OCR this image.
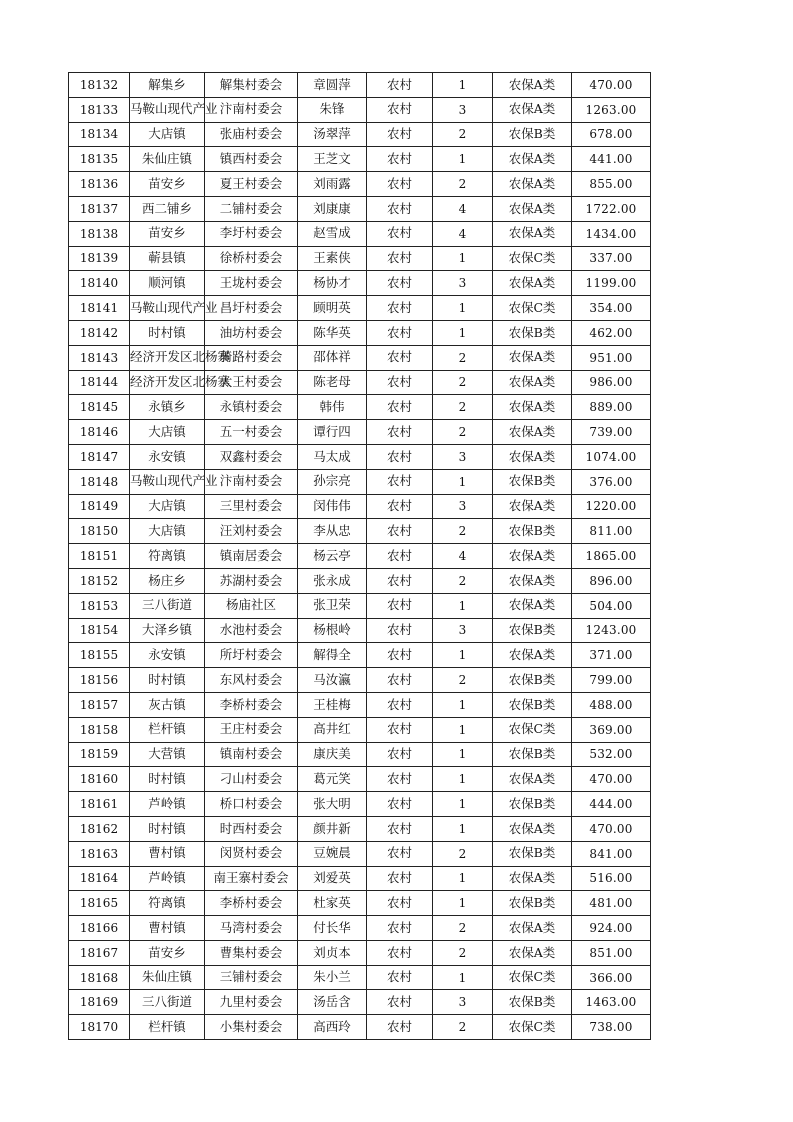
18132	解集乡	解集村委会	章圆萍	农村	1	农保A类	470.00
18133	马鞍山现代产业	汴南村委会	朱锋	农村	3	农保A类	1263.00
18134	大店镇	张庙村委会	汤翠萍	农村	2	农保B类	678.00
18135	朱仙庄镇	镇西村委会	王芝文	农村	1	农保A类	441.00
18136	苗安乡	夏王村委会	刘雨露	农村	2	农保A类	855.00
18137	西二铺乡	二铺村委会	刘康康	农村	4	农保A类	1722.00
18138	苗安乡	李圩村委会	赵雪成	农村	4	农保A类	1434.00
18139	蕲县镇	徐桥村委会	王素侠	农村	1	农保C类	337.00
18140	顺河镇	王垅村委会	杨协才	农村	3	农保A类	1199.00
18141	马鞍山现代产业	昌圩村委会	顾明英	农村	1	农保C类	354.00
18142	时村镇	油坊村委会	陈华英	农村	1	农保B类	462.00
18143	经济开发区北杨寨	骑路村委会	邵体祥	农村	2	农保A类	951.00
18144	经济开发区北杨寨	大王村委会	陈老母	农村	2	农保A类	986.00
18145	永镇乡	永镇村委会	韩伟	农村	2	农保A类	889.00
18146	大店镇	五一村委会	谭行四	农村	2	农保A类	739.00
18147	永安镇	双鑫村委会	马太成	农村	3	农保A类	1074.00
18148	马鞍山现代产业	汴南村委会	孙宗亮	农村	1	农保B类	376.00
18149	大店镇	三里村委会	闵伟伟	农村	3	农保A类	1220.00
18150	大店镇	汪刘村委会	李从忠	农村	2	农保B类	811.00
18151	符离镇	镇南居委会	杨云亭	农村	4	农保A类	1865.00
18152	杨庄乡	苏湖村委会	张永成	农村	2	农保A类	896.00
18153	三八街道	杨庙社区	张卫荣	农村	1	农保A类	504.00
18154	大泽乡镇	水池村委会	杨根岭	农村	3	农保B类	1243.00
18155	永安镇	所圩村委会	解得全	农村	1	农保A类	371.00
18156	时村镇	东风村委会	马汝瀛	农村	2	农保B类	799.00
18157	灰古镇	李桥村委会	王桂梅	农村	1	农保B类	488.00
18158	栏杆镇	王庄村委会	高井红	农村	1	农保C类	369.00
18159	大营镇	镇南村委会	康庆美	农村	1	农保B类	532.00
18160	时村镇	刁山村委会	葛元笑	农村	1	农保A类	470.00
18161	芦岭镇	桥口村委会	张大明	农村	1	农保B类	444.00
18162	时村镇	时西村委会	颜井新	农村	1	农保A类	470.00
18163	曹村镇	闵贤村委会	豆婉晨	农村	2	农保B类	841.00
18164	芦岭镇	南王寨村委会	刘爱英	农村	1	农保A类	516.00
18165	符离镇	李桥村委会	杜家英	农村	1	农保B类	481.00
18166	曹村镇	马湾村委会	付长华	农村	2	农保A类	924.00
18167	苗安乡	曹集村委会	刘贞本	农村	2	农保A类	851.00
18168	朱仙庄镇	三铺村委会	朱小兰	农村	1	农保C类	366.00
18169	三八街道	九里村委会	汤岳含	农村	3	农保B类	1463.00
18170	栏杆镇	小集村委会	高西玲	农村	2	农保C类	738.00
